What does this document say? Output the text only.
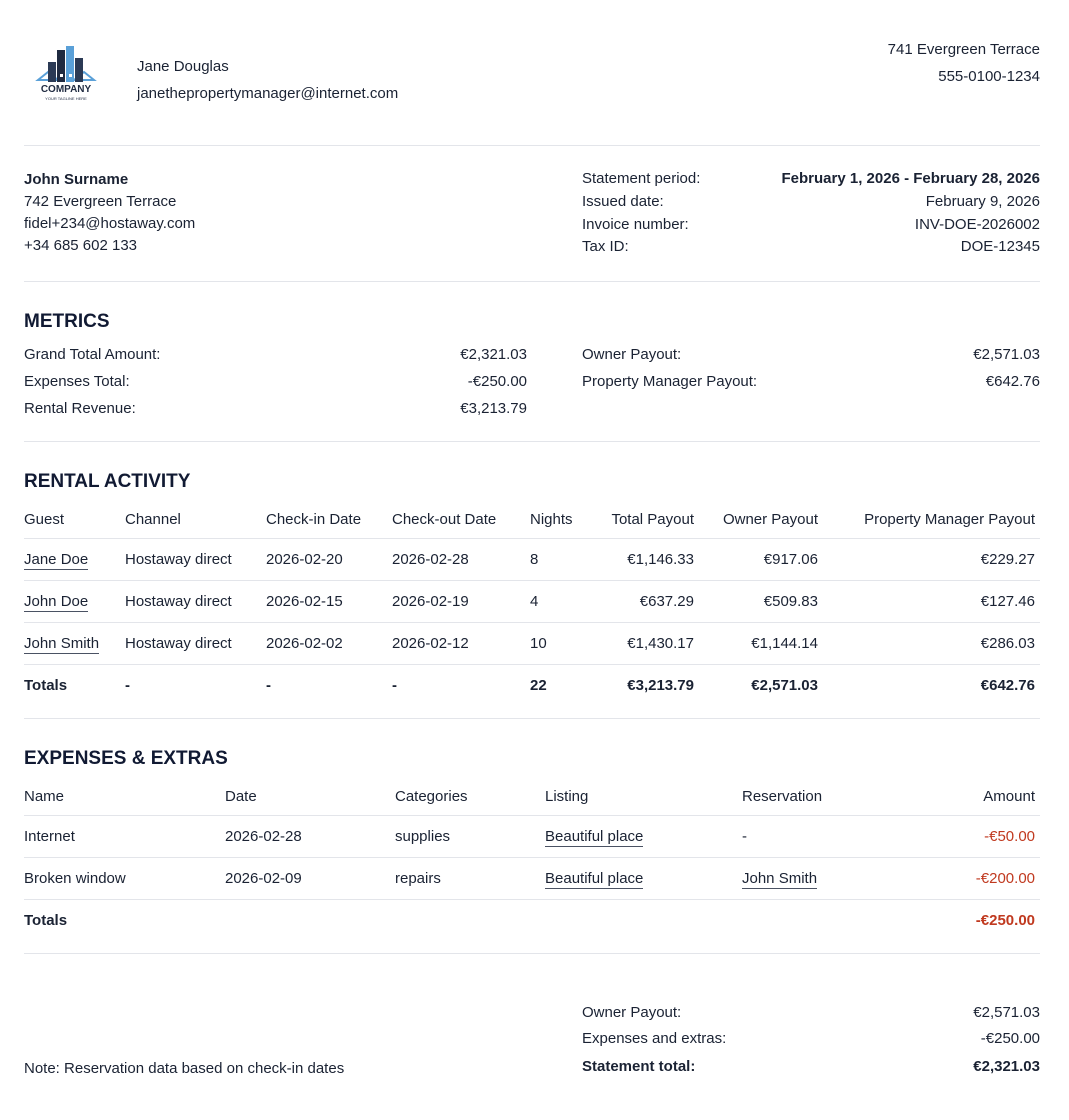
COMPANY
YOUR TAGLINE HERE
Jane Douglas
janethepropertymanager@internet.com
741 Evergreen Terrace
555-0100-1234
John Surname
742 Evergreen Terrace
fidel+234@hostaway.com
+34 685 602 133
Statement period:	February 1, 2026 - February 28, 2026
Issued date:	February 9, 2026
Invoice number:	INV-DOE-2026002
Tax ID:	DOE-12345
METRICS
Grand Total Amount:	€2,321.03
Expenses Total:	-€250.00
Rental Revenue:	€3,213.79
Owner Payout:	€2,571.03
Property Manager Payout:	€642.76
RENTAL ACTIVITY
Guest	Channel	Check-in Date	Check-out Date	Nights	Total Payout	Owner Payout	Property Manager Payout
Jane Doe	Hostaway direct	2026-02-20	2026-02-28	8	€1,146.33	€917.06	€229.27
John Doe	Hostaway direct	2026-02-15	2026-02-19	4	€637.29	€509.83	€127.46
John Smith	Hostaway direct	2026-02-02	2026-02-12	10	€1,430.17	€1,144.14	€286.03
Totals	-	-	-	22	€3,213.79	€2,571.03	€642.76
EXPENSES & EXTRAS
Name	Date	Categories	Listing	Reservation	Amount
Internet	2026-02-28	supplies	Beautiful place	-	-€50.00
Broken window	2026-02-09	repairs	Beautiful place	John Smith	-€200.00
Totals					-€250.00
Owner Payout:	€2,571.03
Expenses and extras:	-€250.00
Statement total:	€2,321.03
Note: Reservation data based on check-in dates
